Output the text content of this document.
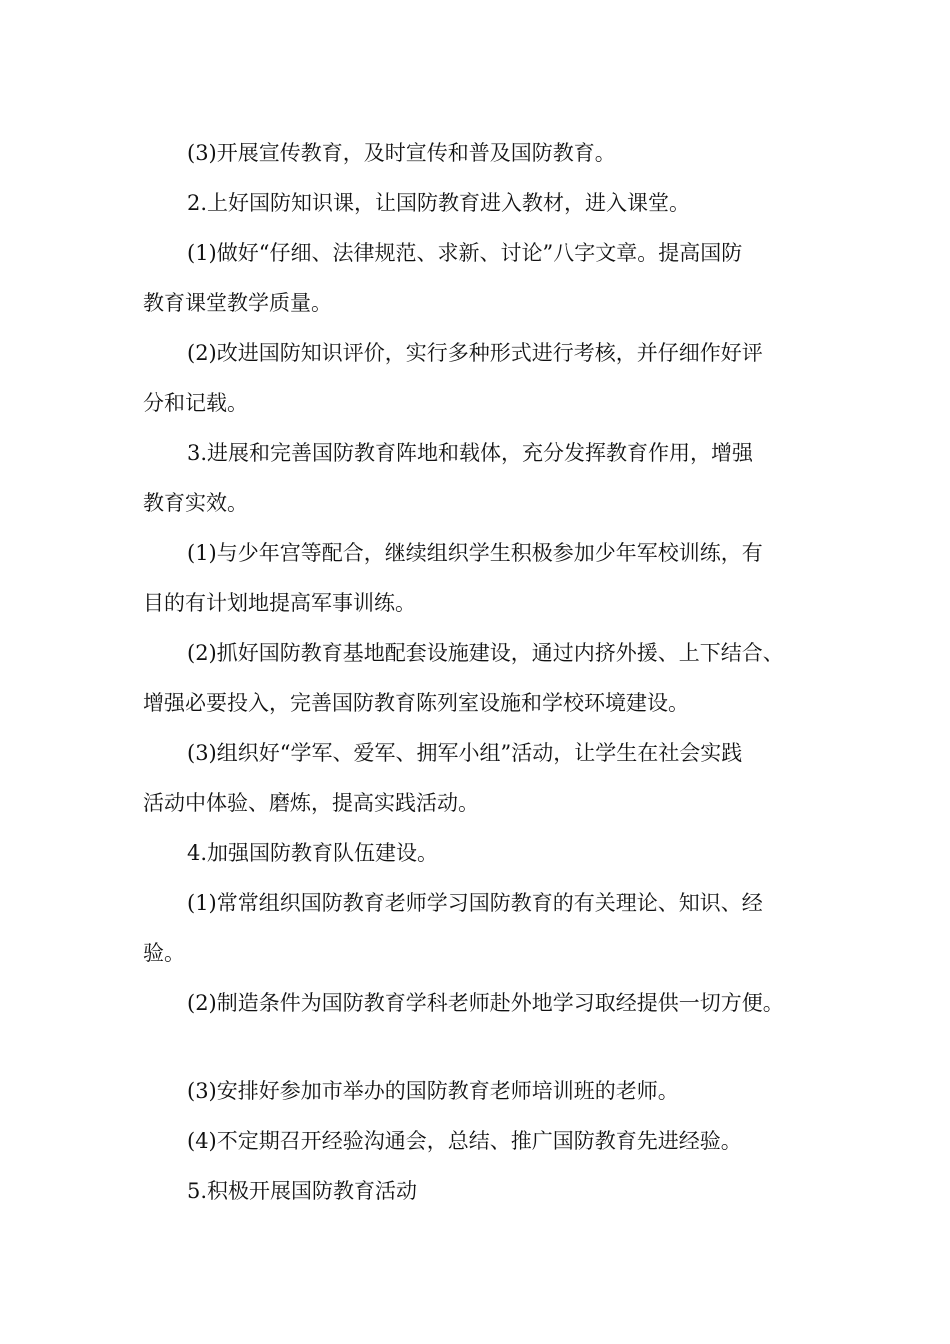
(3)开展宣传教育，及时宣传和普及国防教育。
2.上好国防知识课，让国防教育进入教材，进入课堂。
(1)做好“仔细、法律规范、求新、讨论”八字文章。提高国防
教育课堂教学质量。
(2)改进国防知识评价，实行多种形式进行考核，并仔细作好评
分和记载。
3.进展和完善国防教育阵地和载体，充分发挥教育作用，增强
教育实效。
(1)与少年宫等配合，继续组织学生积极参加少年军校训练，有
目的有计划地提高军事训练。
(2)抓好国防教育基地配套设施建设，通过内挤外援、上下结合、
增强必要投入，完善国防教育陈列室设施和学校环境建设。
(3)组织好“学军、爱军、拥军小组”活动，让学生在社会实践
活动中体验、磨炼，提高实践活动。
4.加强国防教育队伍建设。
(1)常常组织国防教育老师学习国防教育的有关理论、知识、经
验。
(2)制造条件为国防教育学科老师赴外地学习取经提供一切方便。
(3)安排好参加市举办的国防教育老师培训班的老师。
(4)不定期召开经验沟通会，总结、推广国防教育先进经验。
5.积极开展国防教育活动
